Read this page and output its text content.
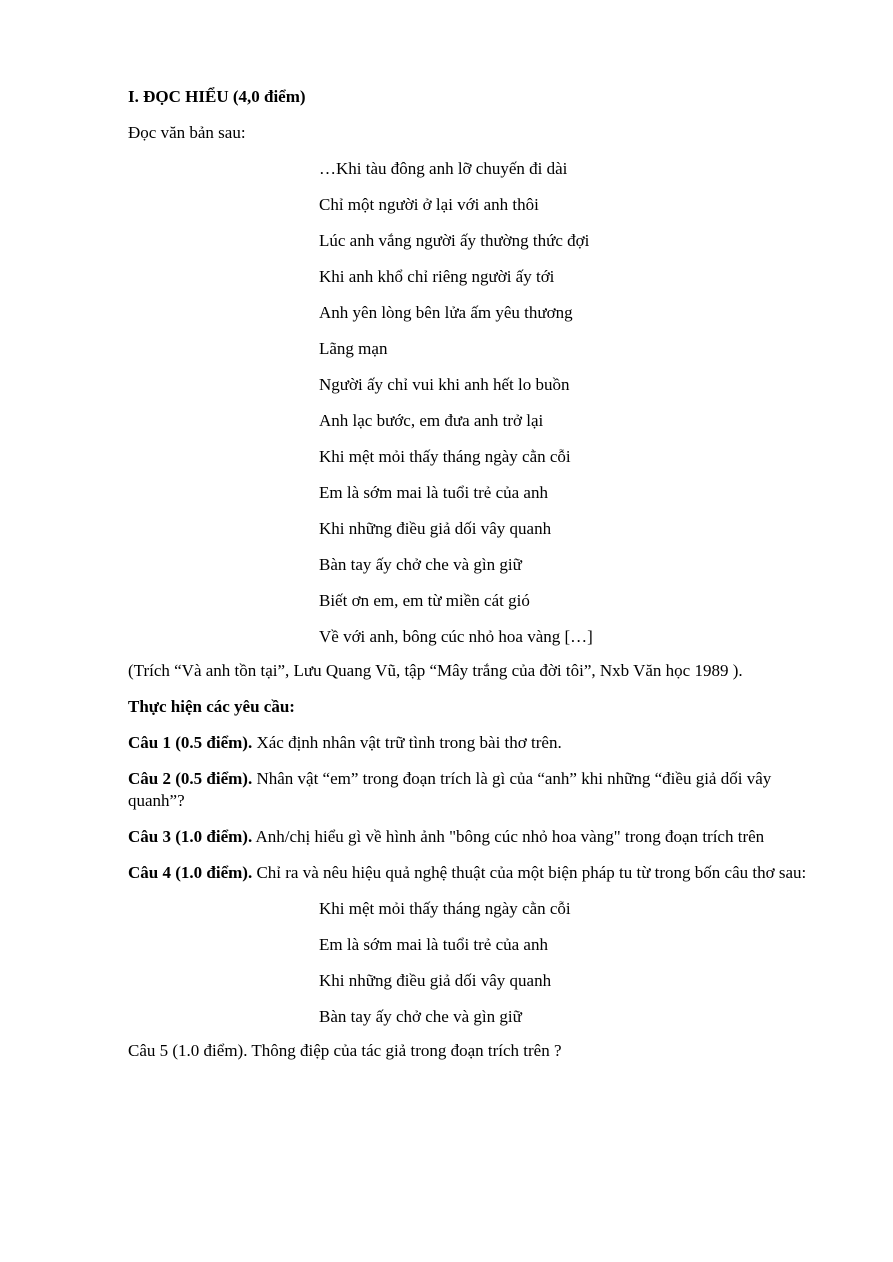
I. ĐỌC HIỂU (4,0 điểm)

Đọc văn bản sau:

…Khi tàu đông anh lỡ chuyến đi dài

Chỉ một người ở lại với anh thôi

Lúc anh vắng người ấy thường thức đợi

Khi anh khổ chỉ riêng người ấy tới

Anh yên lòng bên lửa ấm yêu thương

Lãng mạn

Người ấy chỉ vui khi anh hết lo buồn

Anh lạc bước, em đưa anh trở lại

Khi mệt mỏi thấy tháng ngày cằn cỗi

Em là sớm mai là tuổi trẻ của anh

Khi những điều giả dối vây quanh

Bàn tay ấy chở che và gìn giữ

Biết ơn em, em từ miền cát gió

Về với anh, bông cúc nhỏ hoa vàng […]

(Trích “Và anh tồn tại”, Lưu Quang Vũ, tập “Mây trắng của đời tôi”, Nxb Văn học 1989 ).

Thực hiện các yêu cầu:

Câu 1 (0.5 điểm). Xác định nhân vật trữ tình trong bài thơ trên.

Câu 2 (0.5 điểm). Nhân vật “em” trong đoạn trích là gì của “anh” khi những “điều giả dối vây quanh”?

Câu 3 (1.0 điểm). Anh/chị hiểu gì về hình ảnh "bông cúc nhỏ hoa vàng" trong đoạn trích trên

Câu 4 (1.0 điểm). Chỉ ra và nêu hiệu quả nghệ thuật của một biện pháp tu từ trong bốn câu thơ sau:

Khi mệt mỏi thấy tháng ngày cằn cỗi

Em là sớm mai là tuổi trẻ của anh

Khi những điều giả dối vây quanh

Bàn tay ấy chở che và gìn giữ

Câu 5 (1.0 điểm). Thông điệp của tác giả trong đoạn trích trên ?
